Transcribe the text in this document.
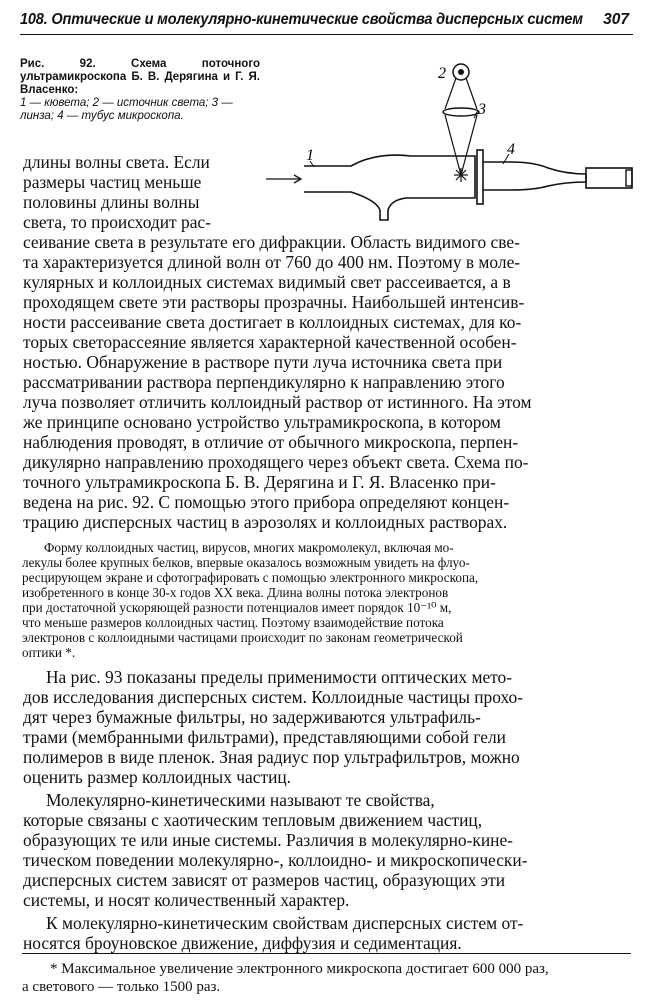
108. Оптические и молекулярно-кинетические свойства дисперсных систем 307
Рис. 92. Схема поточного ультрамикроскопа Б. В. Дерягина и Г. Я. Власенко:
1 — кювета; 2 — источник света; 3 — линза; 4 — тубус микроскопа.
1
2
3
4
длины волны света. Если
размеры частиц меньше
половины длины волны
света, то происходит рас-
сеивание света в результате его дифракции. Область видимого све-
та характеризуется длиной волн от 760 до 400 нм. Поэтому в моле-
кулярных и коллоидных системах видимый свет рассеивается, а в
проходящем свете эти растворы прозрачны. Наибольшей интенсив-
ности рассеивание света достигает в коллоидных системах, для ко-
торых светорассеяние является характерной качественной особен-
ностью. Обнаружение в растворе пути луча источника света при
рассматривании раствора перпендикулярно к направлению этого
луча позволяет отличить коллоидный раствор от истинного. На этом
же принципе основано устройство ультрамикроскопа, в котором
наблюдения проводят, в отличие от обычного микроскопа, перпен-
дикулярно направлению проходящего через объект света. Схема по-
точного ультрамикроскопа Б. В. Дерягина и Г. Я. Власенко при-
ведена на рис. 92. С помощью этого прибора определяют концен-
трацию дисперсных частиц в аэрозолях и коллоидных растворах.
Форму коллоидных частиц, вирусов, многих макромолекул, включая мо-
лекулы более крупных белков, впервые оказалось возможным увидеть на флуо-
ресцирующем экране и сфотографировать с помощью электронного микроскопа,
изобретенного в конце 30-х годов XX века. Длина волны потока электронов
при достаточной ускоряющей разности потенциалов имеет порядок 10⁻¹⁰ м,
что меньше размеров коллоидных частиц. Поэтому взаимодействие потока
электронов с коллоидными частицами происходит по законам геометрической
оптики *.
На рис. 93 показаны пределы применимости оптических мето-
дов исследования дисперсных систем. Коллоидные частицы прохо-
дят через бумажные фильтры, но задерживаются ультрафиль-
трами (мембранными фильтрами), представляющими собой гели
полимеров в виде пленок. Зная радиус пор ультрафильтров, можно
оценить размер коллоидных частиц.
Молекулярно-кинетическими называют те свойства,
которые связаны с хаотическим тепловым движением частиц,
образующих те или иные системы. Различия в молекулярно-кине-
тическом поведении молекулярно-, коллоидно- и микроскопически-
дисперсных систем зависят от размеров частиц, образующих эти
системы, и носят количественный характер.
К молекулярно-кинетическим свойствам дисперсных систем от-
носятся броуновское движение, диффузия и седиментация.
* Максимальное увеличение электронного микроскопа достигает 600 000 раз,
а светового — только 1500 раз.
